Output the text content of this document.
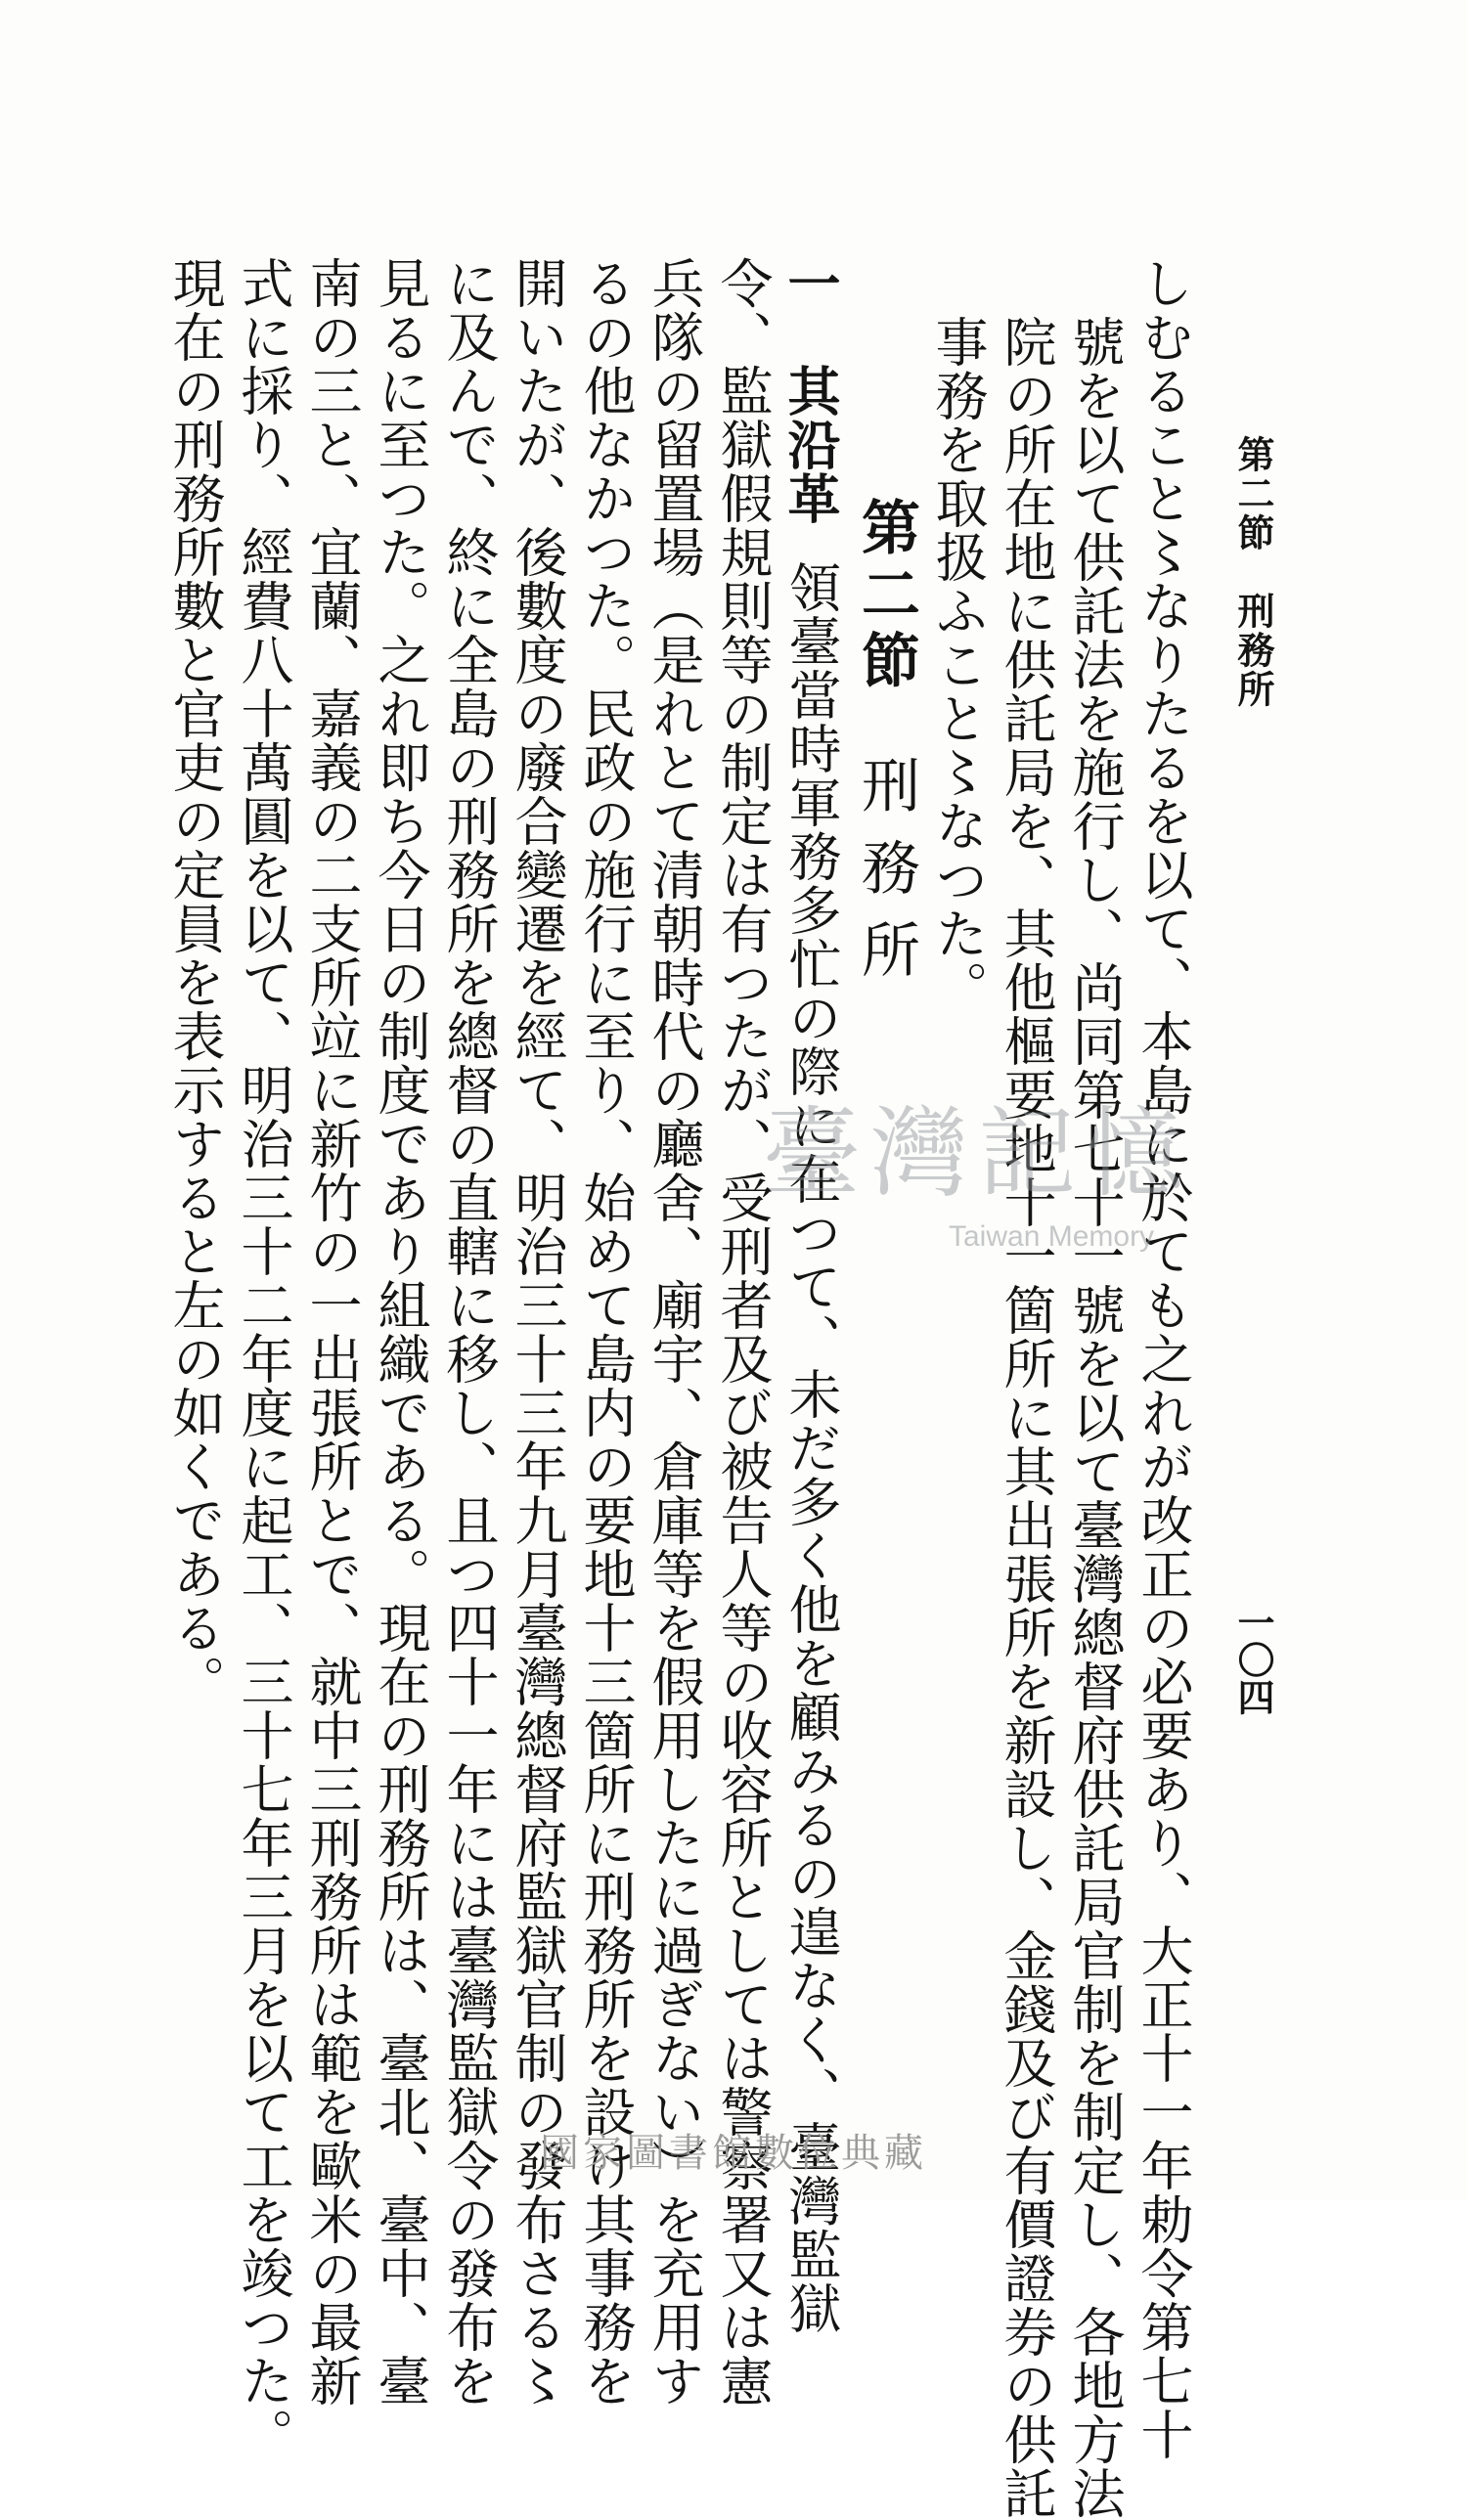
第二節　刑務所
一〇四
しむること〻なりたるを以て、本島に於ても之れが改正の必要あり、大正十一年勅令第七十
號を以て供託法を施行し、尚同第七十一號を以て臺灣總督府供託局官制を制定し、各地方法
院の所在地に供託局を、其他樞要地十一箇所に其出張所を新設し、金錢及び有價證券の供託
事務を取扱ふこと〻なつた。
第二節刑務所
一　其沿革領臺當時軍務多忙の際に在つて、未だ多く他を顧みるの遑なく、臺灣監獄
令、監獄假規則等の制定は有つたが、受刑者及び被告人等の收容所としては警察署又は憲
兵隊の留置場（是れとて清朝時代の廳舍、廟宇、倉庫等を假用したに過ぎない）を充用す
るの他なかつた。民政の施行に至り、始めて島内の要地十三箇所に刑務所を設け其事務を
開いたが、後數度の廢合變遷を經て、明治三十三年九月臺灣總督府監獄官制の發布さる〻
に及んで、終に全島の刑務所を總督の直轄に移し、且つ四十一年には臺灣監獄令の發布を
見るに至つた。之れ即ち今日の制度であり組織である。現在の刑務所は、臺北、臺中、臺
南の三と、宜蘭、嘉義の二支所竝に新竹の一出張所とで、就中三刑務所は範を歐米の最新
式に採り、經費八十萬圓を以て、明治三十二年度に起工、三十七年三月を以て工を竣つた。
現在の刑務所數と官吏の定員を表示すると左の如くである。	臺灣記憶
Taiwan Memory
國家圖書館數位典藏
